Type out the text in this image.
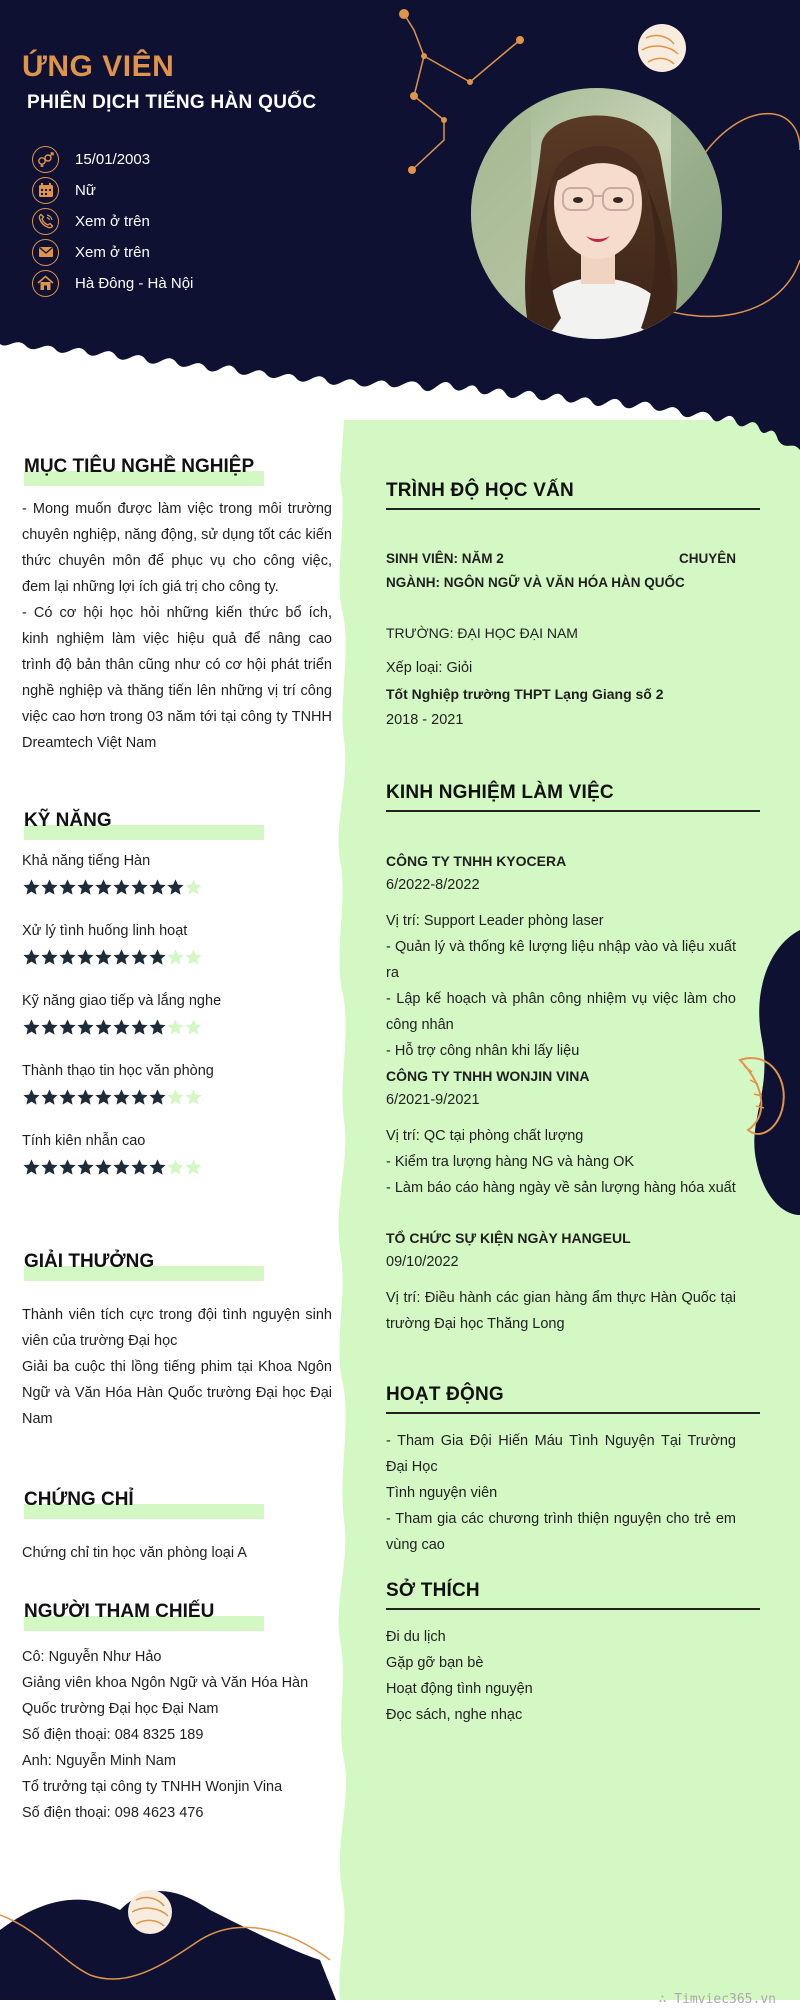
ỨNG VIÊN
PHIÊN DỊCH TIẾNG HÀN QUỐC
15/01/2003
Nữ
Xem ở trên
Xem ở trên
Hà Đông - Hà Nội
MỤC TIÊU NGHỀ NGHIỆP

- Mong muốn được làm việc trong môi trường chuyên nghiệp, năng động, sử dụng tốt các kiến thức chuyên môn để phục vụ cho công việc, đem lại những lợi ích giá trị cho công ty.

- Có cơ hội học hỏi những kiến thức bổ ích, kinh nghiệm làm việc hiệu quả để nâng cao trình độ bản thân cũng như có cơ hội phát triển nghề nghiệp và thăng tiến lên những vị trí công việc cao hơn trong 03 năm tới tại công ty TNHH Dreamtech Việt Nam

KỸ NĂNG
Khả năng tiếng Hàn
Xử lý tình huống linh hoạt
Kỹ năng giao tiếp và lắng nghe
Thành thạo tin học văn phòng
Tính kiên nhẫn cao
GIẢI THƯỞNG

Thành viên tích cực trong đội tình nguyện sinh viên của trường Đại học

Giải ba cuộc thi lồng tiếng phim tại Khoa Ngôn Ngữ và Văn Hóa Hàn Quốc trường Đại học Đại Nam

CHỨNG CHỈ

Chứng chỉ tin học văn phòng loại A

NGƯỜI THAM CHIẾU

Cô: Nguyễn Như Hảo

Giảng viên khoa Ngôn Ngữ và Văn Hóa Hàn Quốc trường Đại học Đại Nam

Số điện thoại: 084 8325 189

Anh: Nguyễn Minh Nam

Tổ trưởng tại công ty TNHH Wonjin Vina

Số điện thoại: 098 4623 476

TRÌNH ĐỘ HỌC VẤN
SINH VIÊN: NĂM 2	CHUYÊN
NGÀNH: NGÔN NGỮ VÀ VĂN HÓA HÀN QUỐC
TRƯỜNG: ĐẠI HỌC ĐẠI NAM
Xếp loại: Giỏi
Tốt Nghiệp trường THPT Lạng Giang số 2
2018 - 2021
KINH NGHIỆM LÀM VIỆC
CÔNG TY TNHH KYOCERA
6/2022-8/2022

Vị trí: Support Leader phòng laser

- Quản lý và thống kê lượng liệu nhập vào và liệu xuất ra

- Lập kế hoạch và phân công nhiệm vụ việc làm cho công nhân

- Hỗ trợ công nhân khi lấy liệu

CÔNG TY TNHH WONJIN VINA
6/2021-9/2021

Vị trí: QC tại phòng chất lượng

- Kiểm tra lượng hàng NG và hàng OK

- Làm báo cáo hàng ngày về sản lượng hàng hóa xuất

TỔ CHỨC SỰ KIỆN NGÀY HANGEUL
09/10/2022

Vị trí: Điều hành các gian hàng ẩm thực Hàn Quốc tại trường Đại học Thăng Long

HOẠT ĐỘNG

- Tham Gia Đội Hiến Máu Tình Nguyện Tại Trường Đại Học

Tình nguyện viên

- Tham gia các chương trình thiện nguyện cho trẻ em vùng cao

SỞ THÍCH

Đi du lịch

Gặp gỡ bạn bè

Hoạt động tình nguyện

Đọc sách, nghe nhạc

∴ Timviec365.vn
